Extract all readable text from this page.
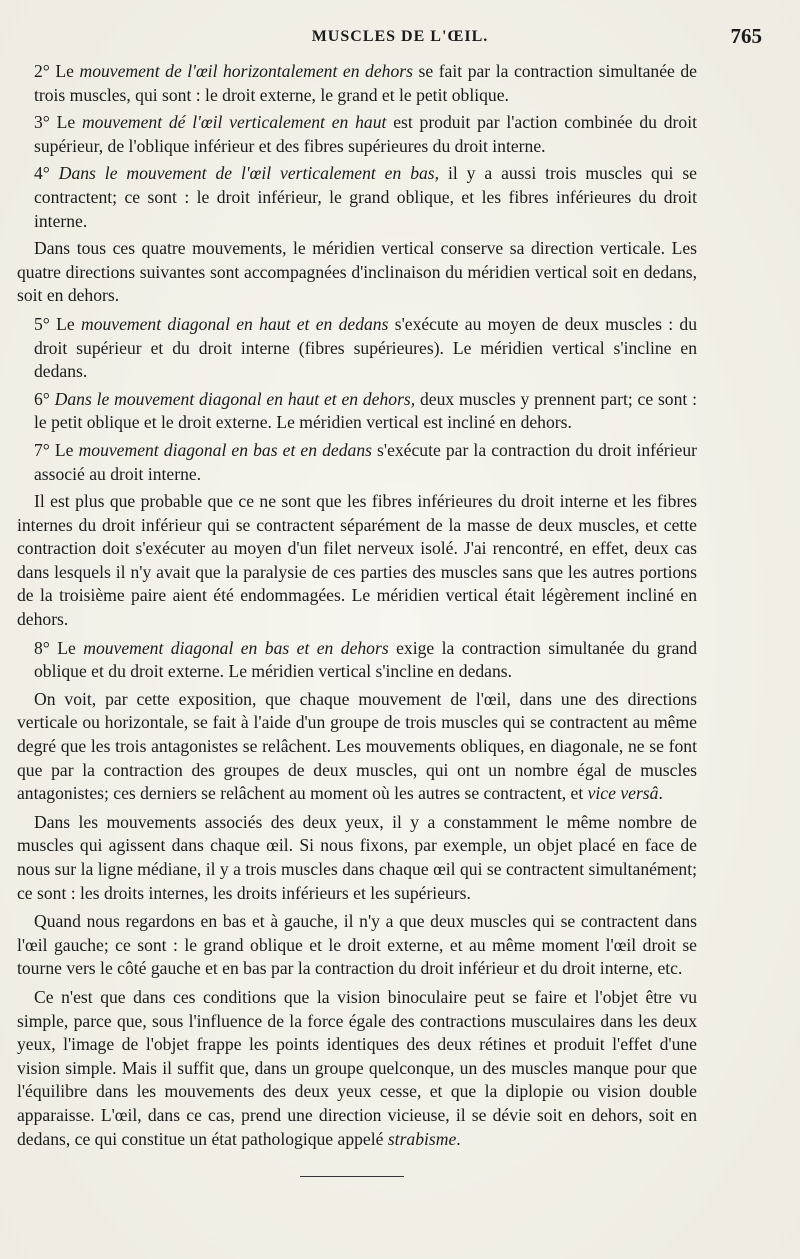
MUSCLES DE L'ŒIL.	765

2° Le mouvement de l'œil horizontalement en dehors se fait par la contraction simultanée de trois muscles, qui sont : le droit externe, le grand et le petit oblique.

3° Le mouvement dé l'œil verticalement en haut est produit par l'action combinée du droit supérieur, de l'oblique inférieur et des fibres supérieures du droit interne.

4° Dans le mouvement de l'œil verticalement en bas, il y a aussi trois muscles qui se contractent; ce sont : le droit inférieur, le grand oblique, et les fibres inférieures du droit interne.

Dans tous ces quatre mouvements, le méridien vertical conserve sa direction verticale. Les quatre directions suivantes sont accompagnées d'inclinaison du méridien vertical soit en dedans, soit en dehors.

5° Le mouvement diagonal en haut et en dedans s'exécute au moyen de deux muscles : du droit supérieur et du droit interne (fibres supérieures). Le méridien vertical s'incline en dedans.

6° Dans le mouvement diagonal en haut et en dehors, deux muscles y prennent part; ce sont : le petit oblique et le droit externe. Le méridien vertical est incliné en dehors.

7° Le mouvement diagonal en bas et en dedans s'exécute par la contraction du droit inférieur associé au droit interne.

Il est plus que probable que ce ne sont que les fibres inférieures du droit interne et les fibres internes du droit inférieur qui se contractent séparément de la masse de deux muscles, et cette contraction doit s'exécuter au moyen d'un filet nerveux isolé. J'ai rencontré, en effet, deux cas dans lesquels il n'y avait que la paralysie de ces parties des muscles sans que les autres portions de la troisième paire aient été endommagées. Le méridien vertical était légèrement incliné en dehors.

8° Le mouvement diagonal en bas et en dehors exige la contraction simultanée du grand oblique et du droit externe. Le méridien vertical s'incline en dedans.

On voit, par cette exposition, que chaque mouvement de l'œil, dans une des directions verticale ou horizontale, se fait à l'aide d'un groupe de trois muscles qui se contractent au même degré que les trois antagonistes se relâchent. Les mouvements obliques, en diagonale, ne se font que par la contraction des groupes de deux muscles, qui ont un nombre égal de muscles antagonistes; ces derniers se relâchent au moment où les autres se contractent, et vice versâ.

Dans les mouvements associés des deux yeux, il y a constamment le même nombre de muscles qui agissent dans chaque œil. Si nous fixons, par exemple, un objet placé en face de nous sur la ligne médiane, il y a trois muscles dans chaque œil qui se contractent simultanément; ce sont : les droits internes, les droits inférieurs et les supérieurs.

Quand nous regardons en bas et à gauche, il n'y a que deux muscles qui se contractent dans l'œil gauche; ce sont : le grand oblique et le droit externe, et au même moment l'œil droit se tourne vers le côté gauche et en bas par la contraction du droit inférieur et du droit interne, etc.

Ce n'est que dans ces conditions que la vision binoculaire peut se faire et l'objet être vu simple, parce que, sous l'influence de la force égale des contractions musculaires dans les deux yeux, l'image de l'objet frappe les points identiques des deux rétines et produit l'effet d'une vision simple. Mais il suffit que, dans un groupe quelconque, un des muscles manque pour que l'équilibre dans les mouvements des deux yeux cesse, et que la diplopie ou vision double apparaisse. L'œil, dans ce cas, prend une direction vicieuse, il se dévie soit en dehors, soit en dedans, ce qui constitue un état pathologique appelé strabisme.
